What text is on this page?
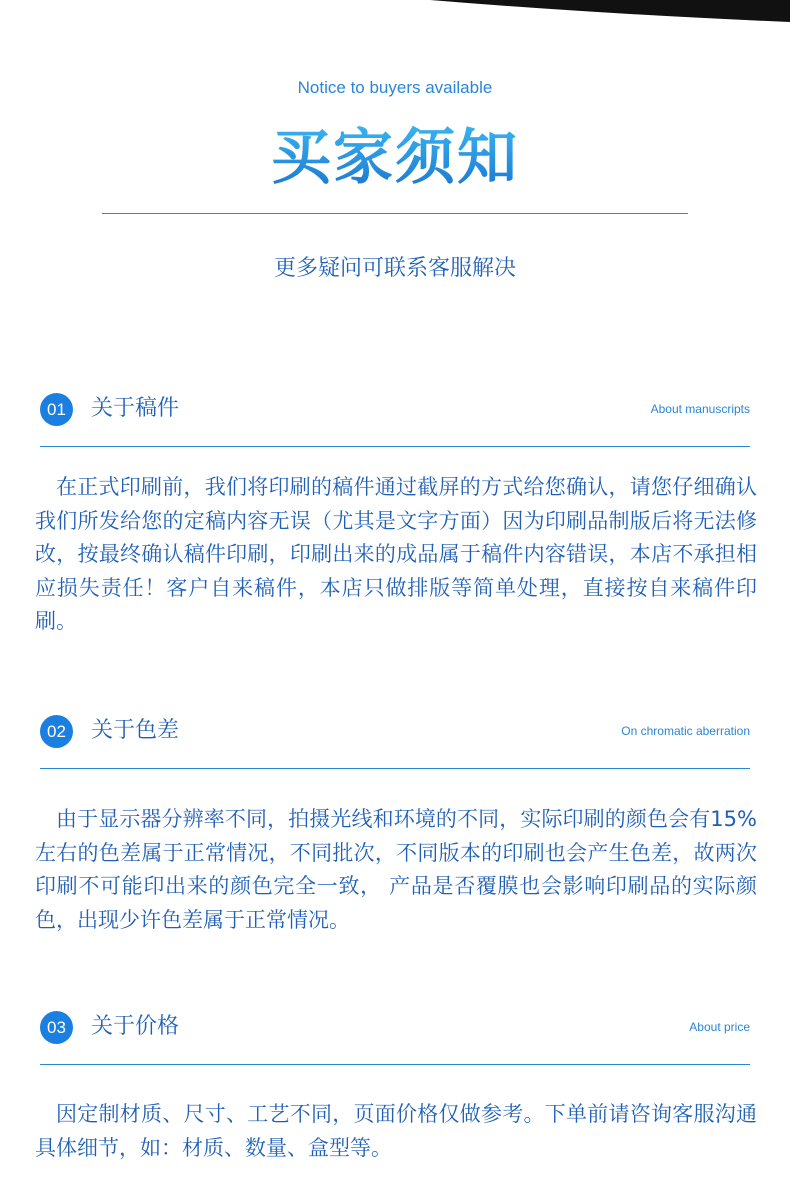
Notice to buyers available
买家须知
更多疑问可联系客服解决
01	关于稿件	About manuscripts

在正式印刷前，我们将印刷的稿件通过截屏的方式给您确认，请您仔细确认我们所发给您的定稿内容无误（尤其是文字方面）因为印刷品制版后将无法修改，按最终确认稿件印刷，印刷出来的成品属于稿件内容错误，本店不承担相应损失责任！客户自来稿件，本店只做排版等简单处理，直接按自来稿件印刷。

02	关于色差	On chromatic aberration

由于显示器分辨率不同，拍摄光线和环境的不同，实际印刷的颜色会有15%左右的色差属于正常情况，不同批次，不同版本的印刷也会产生色差，故两次印刷不可能印出来的颜色完全一致， 产品是否覆膜也会影响印刷品的实际颜色，出现少许色差属于正常情况。

03	关于价格	About price

因定制材质、尺寸、工艺不同，页面价格仅做参考。下单前请咨询客服沟通具体细节，如：材质、数量、盒型等。
